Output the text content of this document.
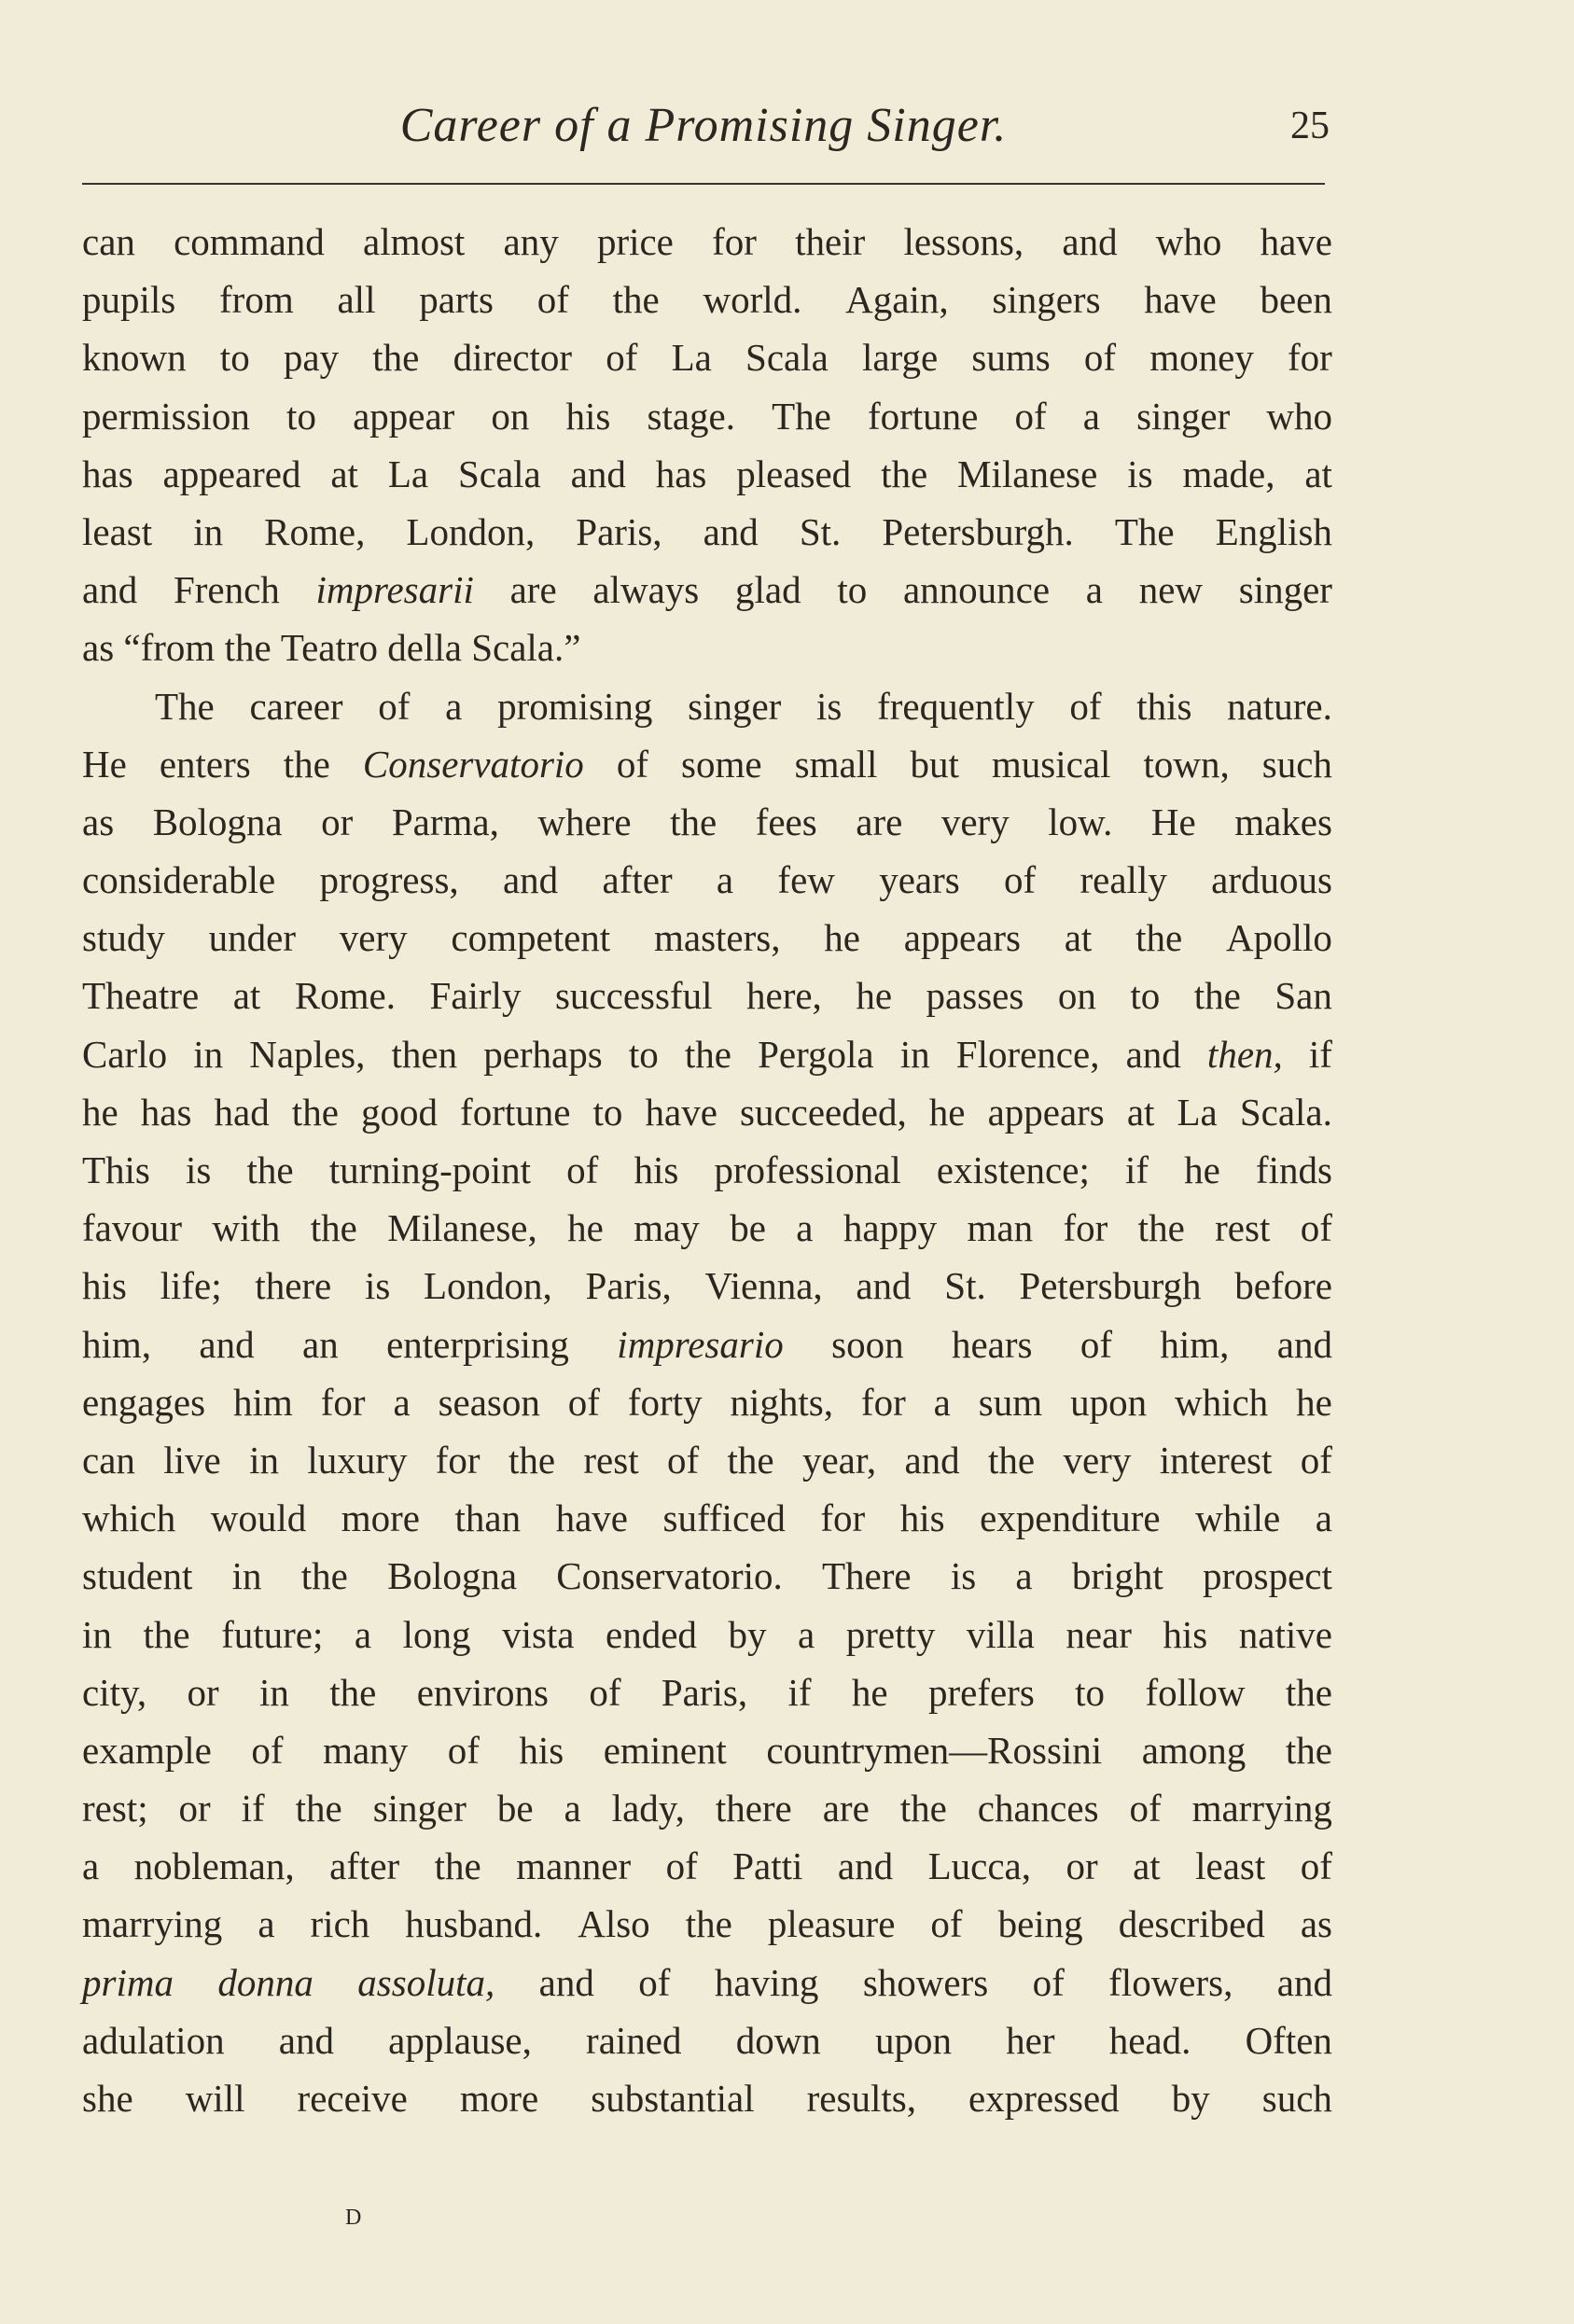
Career of a Promising Singer.	25
can command almost any price for their lessons, and who have
pupils from all parts of the world. Again, singers have been
known to pay the director of La Scala large sums of money for
permission to appear on his stage. The fortune of a singer who
has appeared at La Scala and has pleased the Milanese is made, at
least in Rome, London, Paris, and St. Petersburgh. The English
and French impresarii are always glad to announce a new singer
as
“from
the
Teatro
della
Scala.”
The career of a promising singer is frequently of this nature.
He enters the Conservatorio of some small but musical town, such
as Bologna or Parma, where the fees are very low. He makes
considerable progress, and after a few years of really arduous
study under very competent masters, he appears at the Apollo
Theatre at Rome. Fairly successful here, he passes on to the San
Carlo in Naples, then perhaps to the Pergola in Florence, and then, if
he has had the good fortune to have succeeded, he appears at La Scala.
This is the turning-point of his professional existence; if he finds
favour with the Milanese, he may be a happy man for the rest of
his life; there is London, Paris, Vienna, and St. Petersburgh before
him, and an enterprising impresario soon hears of him, and
engages him for a season of forty nights, for a sum upon which he
can live in luxury for the rest of the year, and the very interest of
which would more than have sufficed for his expenditure while a
student in the Bologna Conservatorio. There is a bright prospect
in the future; a long vista ended by a pretty villa near his native
city, or in the environs of Paris, if he prefers to follow the
example of many of his eminent countrymen—Rossini among the
rest; or if the singer be a lady, there are the chances of marrying
a nobleman, after the manner of Patti and Lucca, or at least of
marrying a rich husband. Also the pleasure of being described as
prima donna assoluta, and of having showers of flowers, and
adulation and applause, rained down upon her head. Often
she will receive more substantial results, expressed by such
D
